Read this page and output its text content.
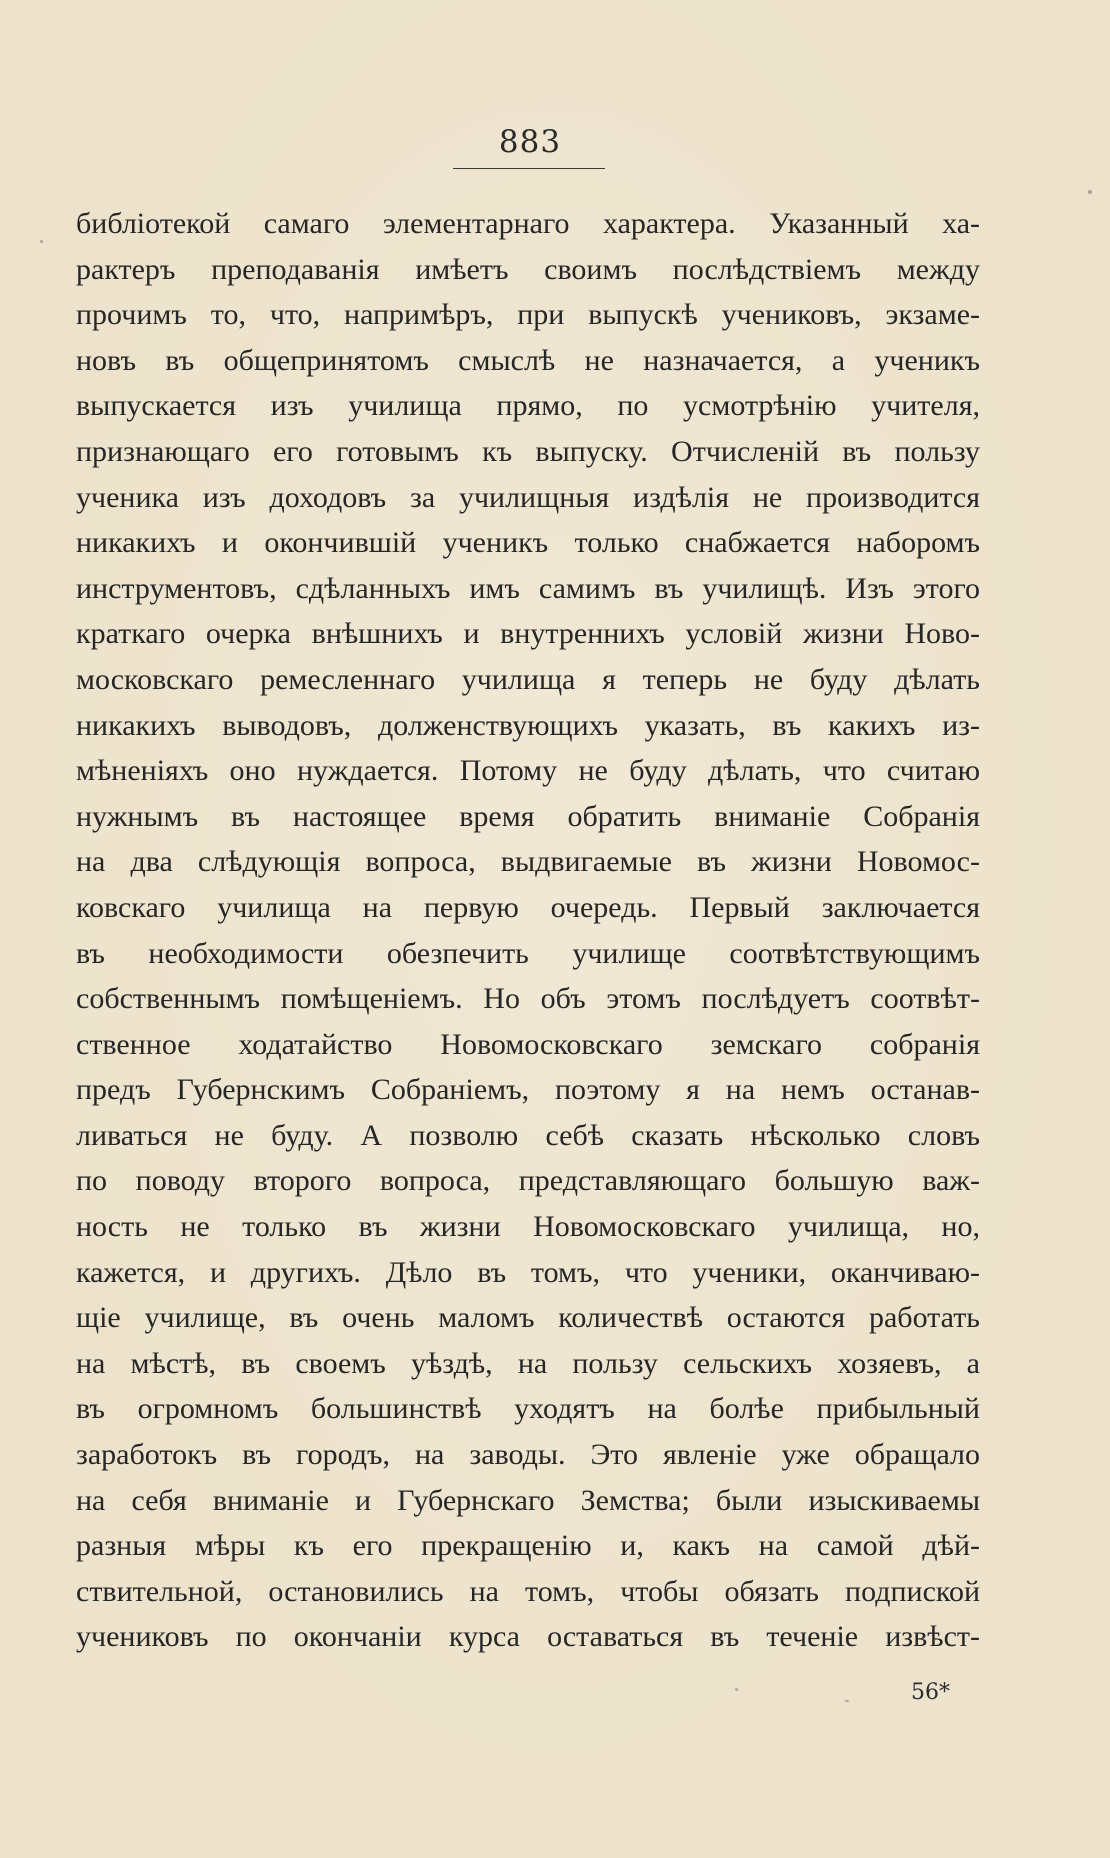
883
библіотекой самаго элементарнаго характера. Указанный ха-
рактеръ преподаванія имѣетъ своимъ послѣдствіемъ между
прочимъ то, что, напримѣръ, при выпускѣ учениковъ, экзаме-
новъ въ общепринятомъ смыслѣ не назначается, а ученикъ
выпускается изъ училища прямо, по усмотрѣнію учителя,
признающаго его готовымъ къ выпуску. Отчисленій въ пользу
ученика изъ доходовъ за училищныя издѣлія не производится
никакихъ и окончившій ученикъ только снабжается наборомъ
инструментовъ, сдѣланныхъ имъ самимъ въ училищѣ. Изъ этого
краткаго очерка внѣшнихъ и внутреннихъ условій жизни Ново-
московскаго ремесленнаго училища я теперь не буду дѣлать
никакихъ выводовъ, долженствующихъ указать, въ какихъ из-
мѣненіяхъ оно нуждается. Потому не буду дѣлать, что считаю
нужнымъ въ настоящее время обратить вниманіе Собранія
на два слѣдующія вопроса, выдвигаемые въ жизни Новомос-
ковскаго училища на первую очередь. Первый заключается
въ необходимости обезпечить училище соотвѣтствующимъ
собственнымъ помѣщеніемъ. Но объ этомъ послѣдуетъ соотвѣт-
ственное ходатайство Новомосковскаго земскаго собранія
предъ Губернскимъ Собраніемъ, поэтому я на немъ останав-
ливаться не буду. А позволю себѣ сказать нѣсколько словъ
по поводу второго вопроса, представляющаго большую важ-
ность не только въ жизни Новомосковскаго училища, но,
кажется, и другихъ. Дѣло въ томъ, что ученики, оканчиваю-
щіе училище, въ очень маломъ количествѣ остаются работать
на мѣстѣ, въ своемъ уѣздѣ, на пользу сельскихъ хозяевъ, а
въ огромномъ большинствѣ уходятъ на болѣе прибыльный
заработокъ въ городъ, на заводы. Это явленіе уже обращало
на себя вниманіе и Губернскаго Земства; были изыскиваемы
разныя мѣры къ его прекращенію и, какъ на самой дѣй-
ствительной, остановились на томъ, чтобы обязать подпиской
учениковъ по окончаніи курса оставаться въ теченіе извѣст-
56*
